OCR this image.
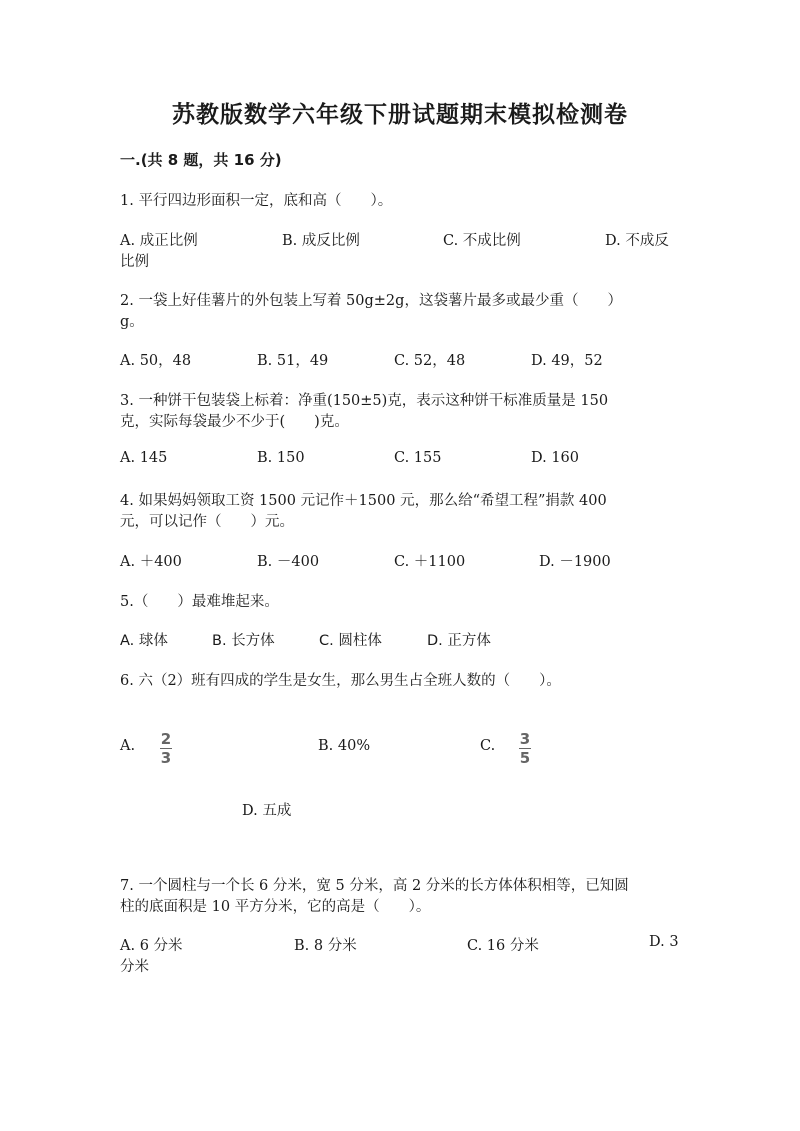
苏教版数学六年级下册试题期末模拟检测卷
一.(共 8 题，共 16 分)
1. 平行四边形面积一定，底和高（　　）。
A. 成正比例	B. 成反比例	C. 不成比例	D. 不成反
比例
2. 一袋上好佳薯片的外包装上写着 50g±2g，这袋薯片最多或最少重（　　）
g。
A. 50，48	B. 51，49	C. 52，48	D. 49，52
3. 一种饼干包装袋上标着：净重(150±5)克，表示这种饼干标准质量是 150
克，实际每袋最少不少于(　　)克。
A. 145	B. 150	C. 155	D. 160
4. 如果妈妈领取工资 1500 元记作＋1500 元，那么给“希望工程”捐款 400
元，可以记作（　　）元。
A. ＋400	B. －400	C. ＋1100	D. －1900
5.（　　）最难堆起来。
A. 球体	B. 长方体	C. 圆柱体	D. 正方体
6. 六（2）班有四成的学生是女生，那么男生占全班人数的（　　）。
A. 2
3
B. 40%	C. 3
5
D. 五成
7. 一个圆柱与一个长 6 分米，宽 5 分米，高 2 分米的长方体体积相等，已知圆
柱的底面积是 10 平方分米，它的高是（　　）。
A. 6 分米	B. 8 分米	C. 16 分米	D. 3
分米
